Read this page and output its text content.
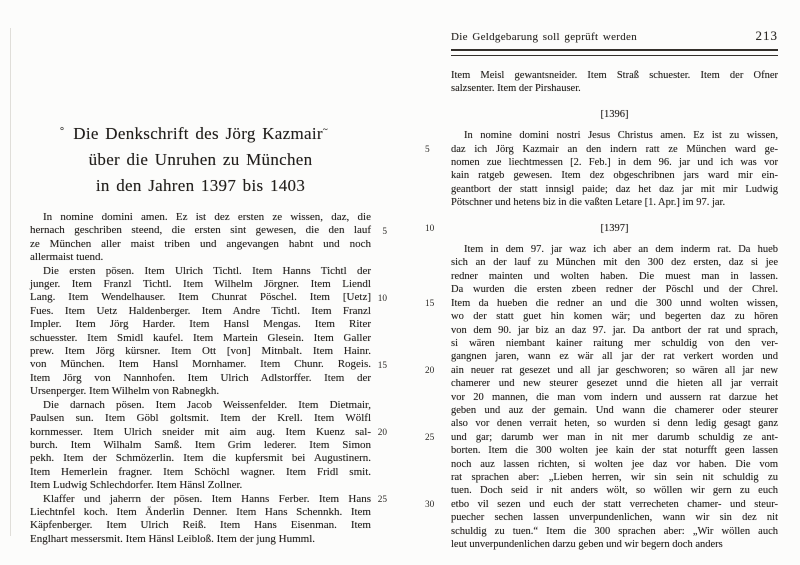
° Die Denkschrift des Jörg Kazmair~
über die Unruhen zu München
in den Jahren 1397 bis 1403
In nomine domini amen. Ez ist dez ersten ze wissen, daz, die
hernach geschriben steend, die ersten sint gewesen, die den lauf 5
ze München aller maist triben und angevangen habnt und noch
allermaist tuend.
Die ersten pösen. Item Ulrich Tichtl. Item Hanns Tichtl der
junger. Item Franzl Tichtl. Item Wilhelm Jörgner. Item Liendl
Lang. Item Wendelhauser. Item Chunrat Pöschel. Item [Uetz] 10
Fues. Item Uetz Haldenberger. Item Andre Tichtl. Item Franzl
Impler. Item Jörg Harder. Item Hansl Mengas. Item Riter
schuesster. Item Smidl kaufel. Item Martein Glesein. Item Galler
prew. Item Jörg kürsner. Item Ott [von] Mitnbalt. Item Hainr.
von München. Item Hansl Mornhamer. Item Chunr. Rogeis. 15
Item Jörg von Nannhofen. Item Ulrich Adlstorffer. Item der
Ursenperger. Item Wilhelm von Rabnegkh.
Die darnach pösen. Item Jacob Weissenfelder. Item Dietmair,
Paulsen sun. Item Göbl goltsmit. Item der Krell. Item Wölfl
kornmesser. Item Ulrich sneider mit aim aug. Item Kuenz sal- 20
burch. Item Wilhalm Samß. Item Grim lederer. Item Simon
pekh. Item der Schmözerlin. Item die kupfersmit bei Augustinern.
Item Hemerlein fragner. Item Schöchl wagner. Item Fridl smit.
Item Ludwig Schlechdorfer. Item Hänsl Zollner.
Klaffer und jaherrn der pösen. Item Hanns Ferber. Item Hans 25
Liechtnfel koch. Item Änderlin Denner. Item Hans Schennkh. Item
Käpfenberger. Item Ulrich Reiß. Item Hans Eisenman. Item
Englhart messersmit. Item Hänsl Leibloß. Item der jung Humml.
Die Geldgebarung soll geprüft werden	213
Item Meisl gewantsneider. Item Straß schuester. Item der Ofner
salzsenter. Item der Pirshauser.
[1396]
In nomine domini nostri Jesus Christus amen. Ez ist zu wissen,
daz ich Jörg Kazmair an den indern ratt ze München ward ge-
5
nomen zue liechtmessen [2. Feb.] in dem 96. jar und ich was vor
kain ratgeb gewesen. Item dez obgeschribnen jars ward mir ein-
geantbort der statt innsigl paide; daz het daz jar mit mir Ludwig
Pötschner und hetens biz in die vaßten Letare [1. Apr.] im 97. jar.
[1397]
10
Item in dem 97. jar waz ich aber an dem inderm rat. Da hueb
sich an der lauf zu München mit den 300 dez ersten, daz si jee
redner mainten und wolten haben. Die muest man in lassen.
Da wurden die ersten zbeen redner der Pöschl und der Chrel.
Item da hueben die redner an und die 300 unnd wolten wissen,
15
wo der statt guet hin komen wär; und begerten daz zu hören
von dem 90. jar biz an daz 97. jar. Da antbort der rat und sprach,
si wären niembant kainer raitung mer schuldig von den ver-
gangnen jaren, wann ez wär all jar der rat verkert worden und
ain neuer rat gesezet und all jar geschworen; so wären all jar new
20
chamerer und new steurer gesezet unnd die hieten all jar verrait
vor 20 mannen, die man vom indern und aussern rat darzue het
geben und auz der gemain. Und wann die chamerer oder steurer
also vor denen verrait heten, so wurden si denn ledig gesagt ganz
und gar; darumb wer man in nit mer darumb schuldig ze ant-
25
borten. Item die 300 wolten jee kain der stat noturfft geen lassen
noch auz lassen richten, si wolten jee daz vor haben. Die vom
rat sprachen aber: „Lieben herren, wir sin sein nit schuldig zu
tuen. Doch seid ir nit anders wölt, so wöllen wir gern zu euch
etbo vil sezen und euch der statt verrecheten chamer- und steur-
30
puecher sechen lassen unverpundenlichen, wann wir sin dez nit
schuldig zu tuen.“ Item die 300 sprachen aber: „Wir wöllen auch
leut unverpundenlichen darzu geben und wir begern doch anders
